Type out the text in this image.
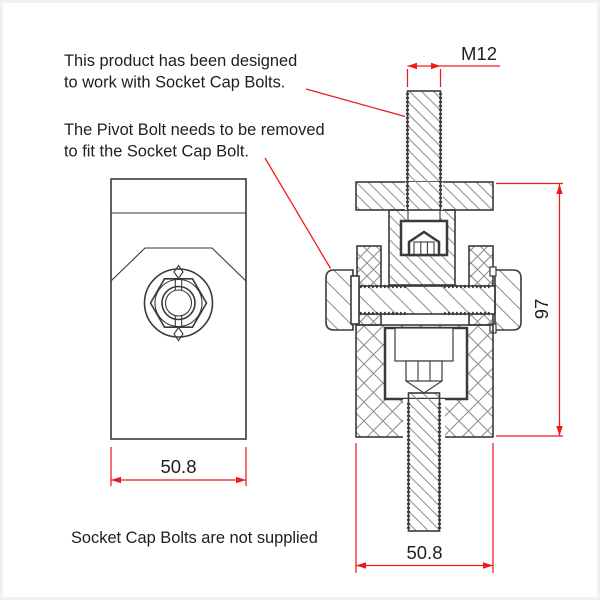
M12
97
50.8
50.8
This product has been designed
to work with Socket Cap Bolts.
The Pivot Bolt needs to be removed
to fit the Socket Cap Bolt.
Socket Cap Bolts are not supplied
